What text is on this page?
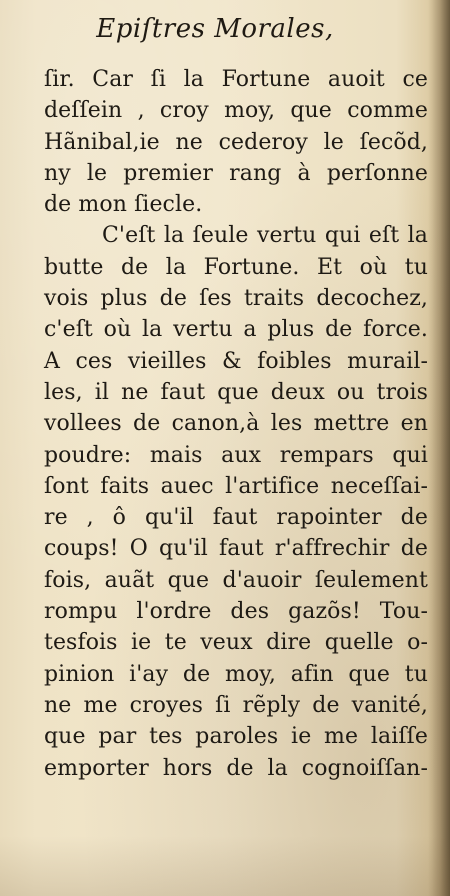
Epiſtres Morales,
ſir. Car ſi la Fortune auoit ce
deſſein , croy moy, que comme
Hãnibal,ie ne cederoy le ſecõd,
ny le premier rang à perſonne
de mon ſiecle.
C'eſt la ſeule vertu qui eſt la
butte de la Fortune. Et où tu
vois plus de ſes traits decochez,
c'eſt où la vertu a plus de force.
A ces vieilles & foibles murail-
les, il ne faut que deux ou trois
vollees de canon,à les mettre en
poudre: mais aux rempars qui
ſont faits auec l'artifice neceſſai-
re , ô qu'il faut rapointer de
coups! O qu'il faut r'affrechir de
fois, auãt que d'auoir ſeulement
rompu l'ordre des gazõs! Tou-
tesfois ie te veux dire quelle o-
pinion i'ay de moy, afin que tu
ne me croyes ſi rẽply de vanité,
que par tes paroles ie me laiſſe
emporter hors de la cognoiſſan-
